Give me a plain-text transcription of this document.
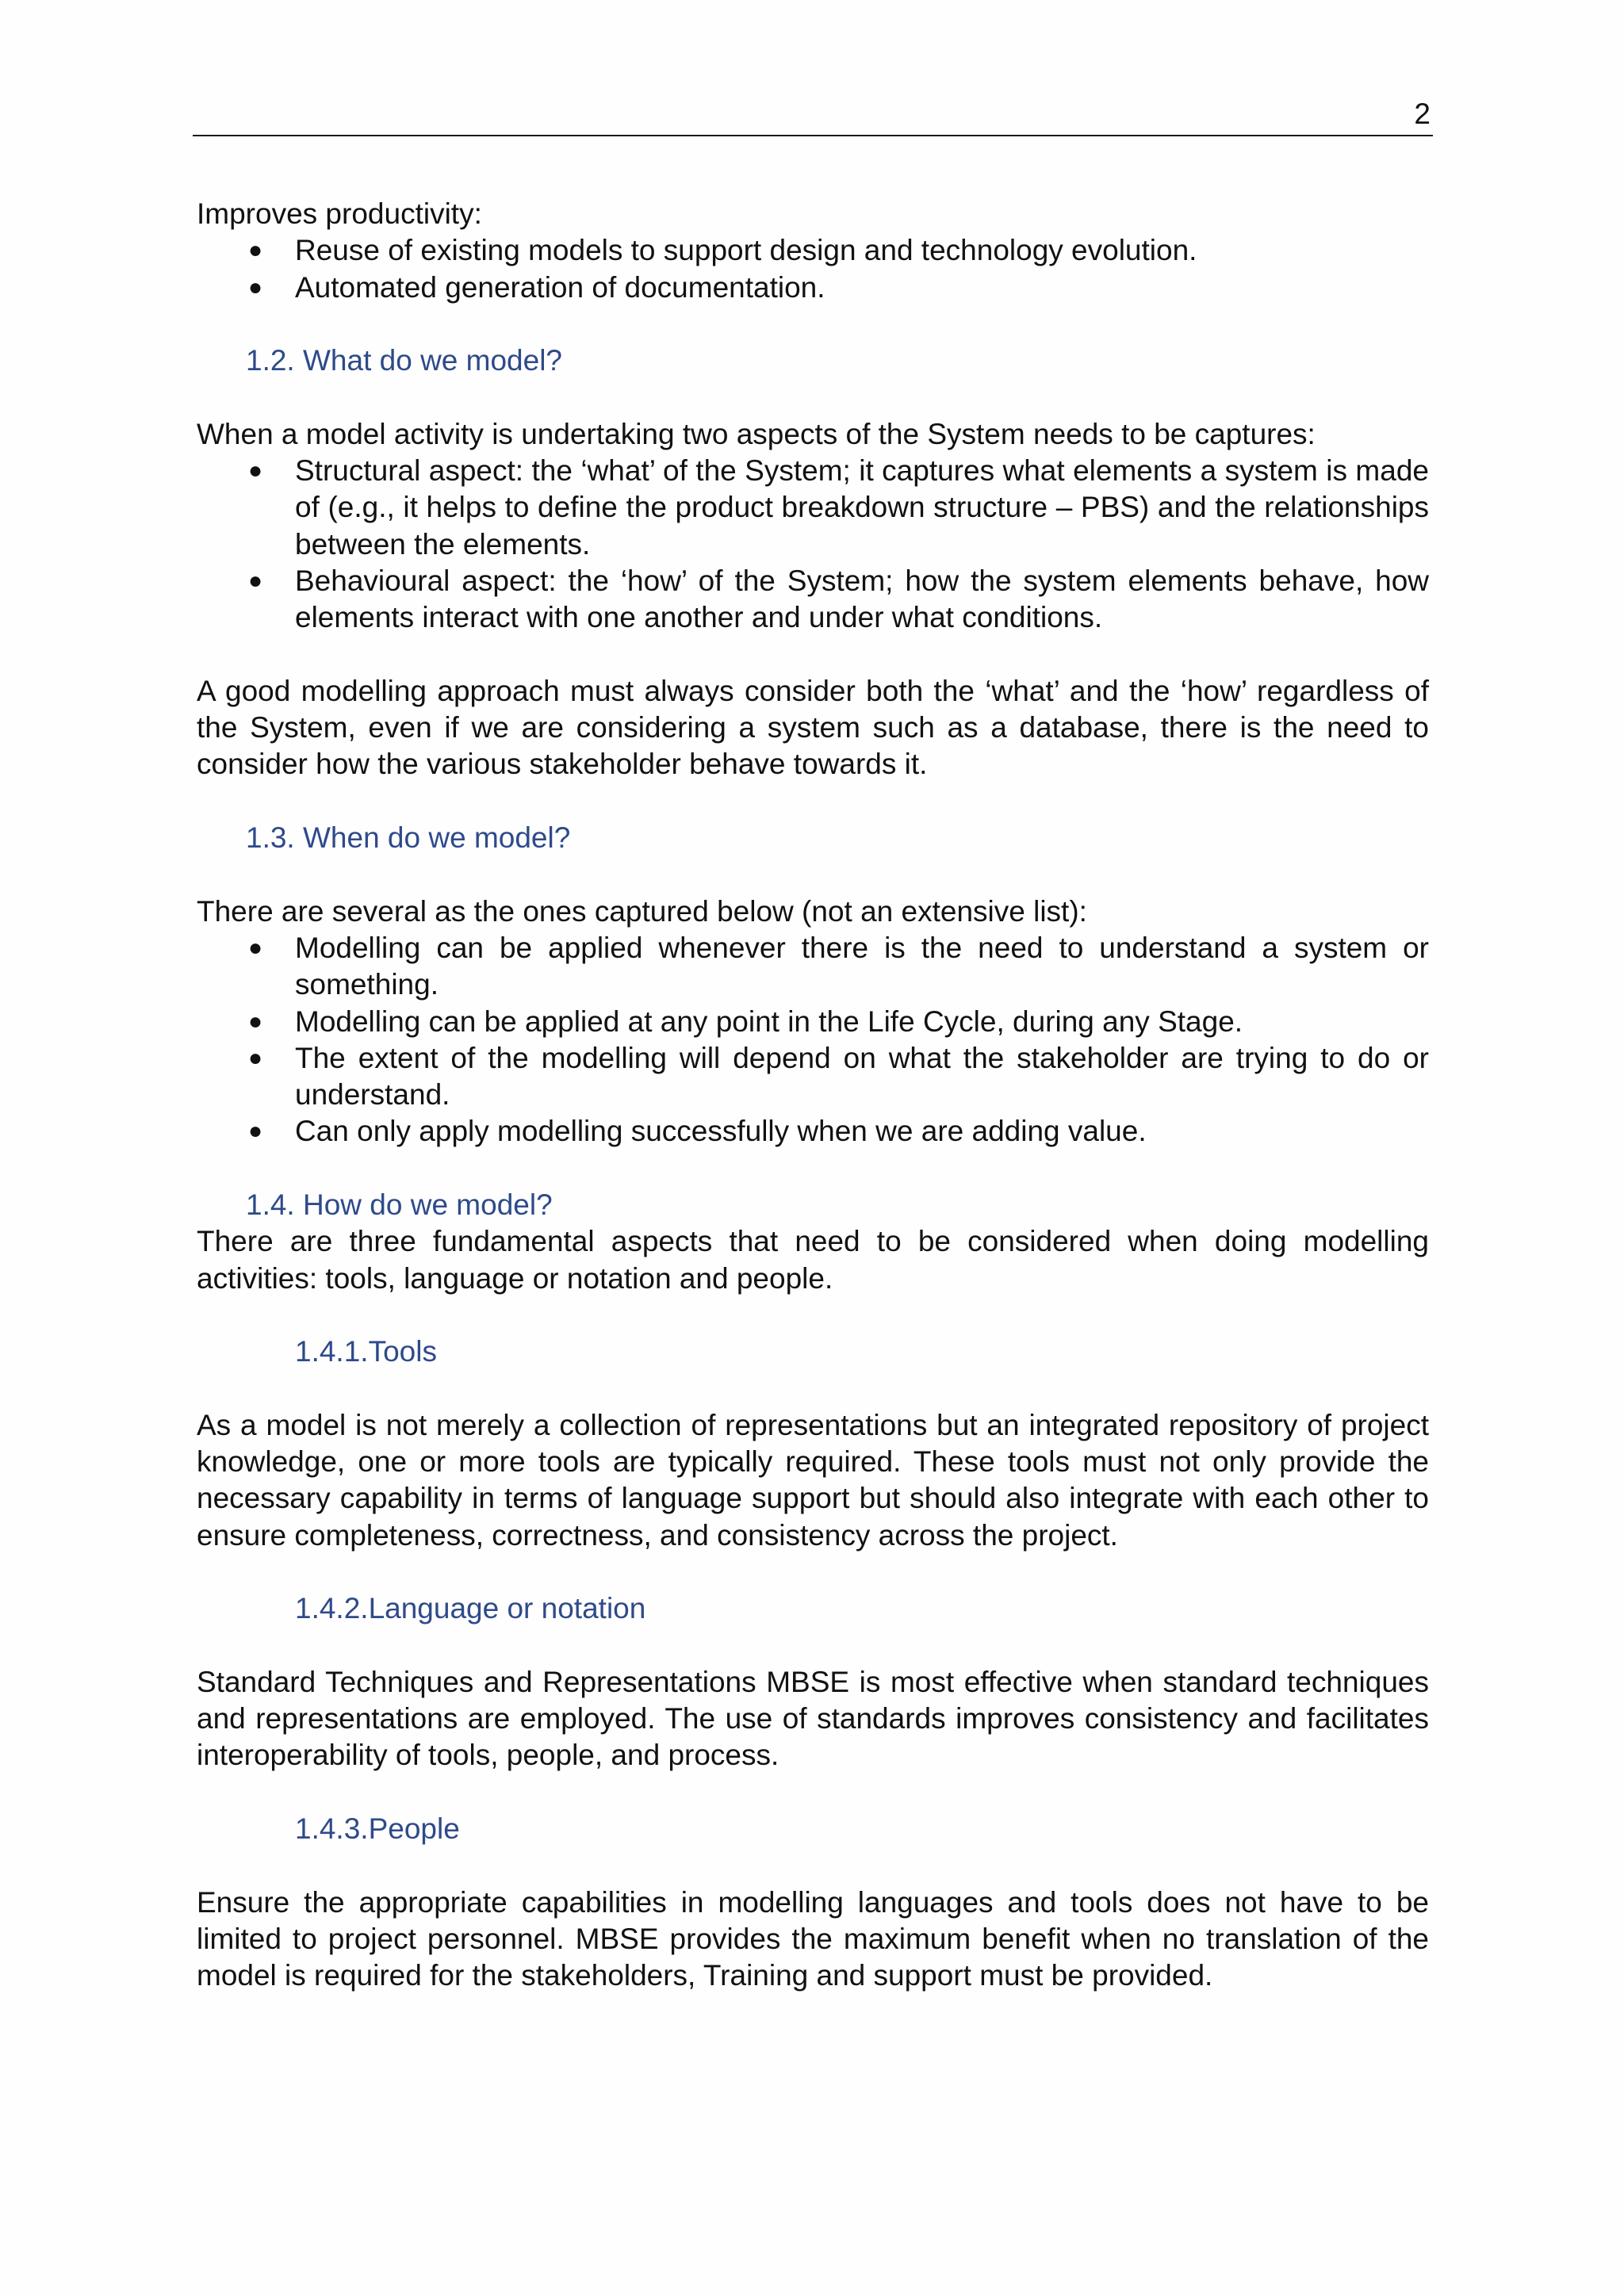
2

Improves productivity:

● Reuse of existing models to support design and technology evolution.
● Automated generation of documentation.
1.2. What do we model?

When a model activity is undertaking two aspects of the System needs to be captures:

● Structural aspect: the ‘what’ of the System; it captures what elements a system is made of (e.g., it helps to define the product breakdown structure – PBS) and the relationships between the elements.
● Behavioural aspect: the ‘how’ of the System; how the system elements behave, how elements interact with one another and under what conditions.

A good modelling approach must always consider both the ‘what’ and the ‘how’ regardless of the System, even if we are considering a system such as a database, there is the need to consider how the various stakeholder behave towards it.

1.3. When do we model?

There are several as the ones captured below (not an extensive list):

● Modelling can be applied whenever there is the need to understand a system or something.
● Modelling can be applied at any point in the Life Cycle, during any Stage.
● The extent of the modelling will depend on what the stakeholder are trying to do or understand.
● Can only apply modelling successfully when we are adding value.
1.4. How do we model?

There are three fundamental aspects that need to be considered when doing modelling activities: tools, language or notation and people.

1.4.1.Tools

As a model is not merely a collection of representations but an integrated repository of project knowledge, one or more tools are typically required. These tools must not only provide the necessary capability in terms of language support but should also integrate with each other to ensure completeness, correctness, and consistency across the project.

1.4.2.Language or notation

Standard Techniques and Representations MBSE is most effective when standard techniques and representations are employed. The use of standards improves consistency and facilitates interoperability of tools, people, and process.

1.4.3.People

Ensure the appropriate capabilities in modelling languages and tools does not have to be limited to project personnel. MBSE provides the maximum benefit when no translation of the model is required for the stakeholders, Training and support must be provided.
